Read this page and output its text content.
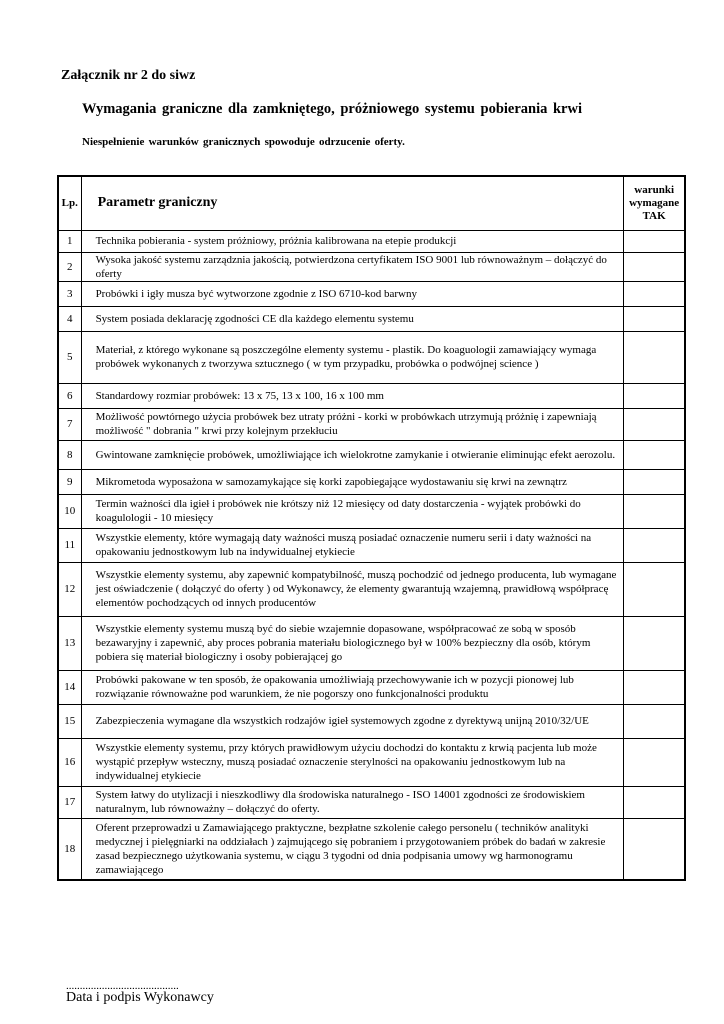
Załącznik nr 2 do siwz
Wymagania graniczne dla zamkniętego, próżniowego systemu pobierania krwi
Niespełnienie warunków granicznych spowoduje odrzucenie oferty.
Lp.	Parametr graniczny	warunki wymagane
TAK

1	Technika pobierania - system próżniowy, próżnia kalibrowana na etepie produkcji	
2	Wysoka jakość systemu zarządznia jakością, potwierdzona certyfikatem ISO 9001 lub równoważnym – dołączyć do oferty	
3	Probówki i igły musza być wytworzone zgodnie z ISO 6710-kod barwny	
4	System posiada deklarację zgodności CE dla każdego elementu systemu	
5	Materiał, z którego wykonane są poszczególne elementy systemu - plastik. Do koaguologii zamawiający wymaga probówek wykonanych z tworzywa sztucznego ( w tym przypadku, probówka o podwójnej science )	
6	Standardowy rozmiar probówek: 13 x 75, 13 x 100, 16 x 100 mm	
7	Możliwość powtórnego użycia probówek bez utraty próżni - korki w probówkach utrzymują próżnię i zapewniają możliwość " dobrania " krwi przy kolejnym przekłuciu	
8	Gwintowane zamknięcie probówek, umożliwiające ich wielokrotne zamykanie i otwieranie eliminując efekt aerozolu.	
9	Mikrometoda wyposażona w samozamykające się korki zapobiegające wydostawaniu się krwi na zewnątrz	
10	Termin ważności dla igieł i probówek nie krótszy niż 12 miesięcy od daty dostarczenia - wyjątek probówki do koagulologii - 10 miesięcy	
11	Wszystkie elementy, które wymagają daty ważności muszą posiadać oznaczenie numeru serii i daty ważności na opakowaniu jednostkowym lub na indywidualnej etykiecie	
12	Wszystkie elementy systemu, aby zapewnić kompatybilność, muszą pochodzić od jednego producenta, lub wymagane jest oświadczenie ( dołączyć do oferty ) od Wykonawcy, że elementy gwarantują wzajemną, prawidłową współpracę elementów pochodzących od innych producentów	
13	Wszystkie elementy systemu muszą być do siebie wzajemnie dopasowane, współpracować ze sobą w sposób bezawaryjny i zapewnić, aby proces pobrania materiału biologicznego był w 100% bezpieczny dla osób, którym pobiera się materiał biologiczny i osoby pobierającej go	
14	Probówki pakowane w ten sposób, że opakowania umożliwiają przechowywanie ich w pozycji pionowej lub rozwiązanie równoważne pod warunkiem, że nie pogorszy ono funkcjonalności produktu	
15	Zabezpieczenia wymagane dla wszystkich rodzajów igieł systemowych zgodne z dyrektywą unijną 2010/32/UE	
16	Wszystkie elementy systemu, przy których prawidłowym użyciu dochodzi do kontaktu z krwią pacjenta lub może wystąpić przepływ wsteczny, muszą posiadać oznaczenie sterylności na opakowaniu jednostkowym lub na indywidualnej etykiecie	
17	System łatwy do utylizacji i nieszkodliwy dla środowiska naturalnego - ISO 14001 zgodności ze środowiskiem naturalnym, lub równoważny – dołączyć do oferty.	
18	Oferent przeprowadzi u Zamawiającego praktyczne, bezpłatne szkolenie całego personelu ( techników analityki medycznej i pielęgniarki na oddziałach ) zajmującego się pobraniem i przygotowaniem próbek do badań w zakresie zasad bezpiecznego użytkowania systemu, w ciągu 3 tygodni od dnia podpisania umowy wg harmonogramu zamawiającego	
.........................................
Data i podpis Wykonawcy
